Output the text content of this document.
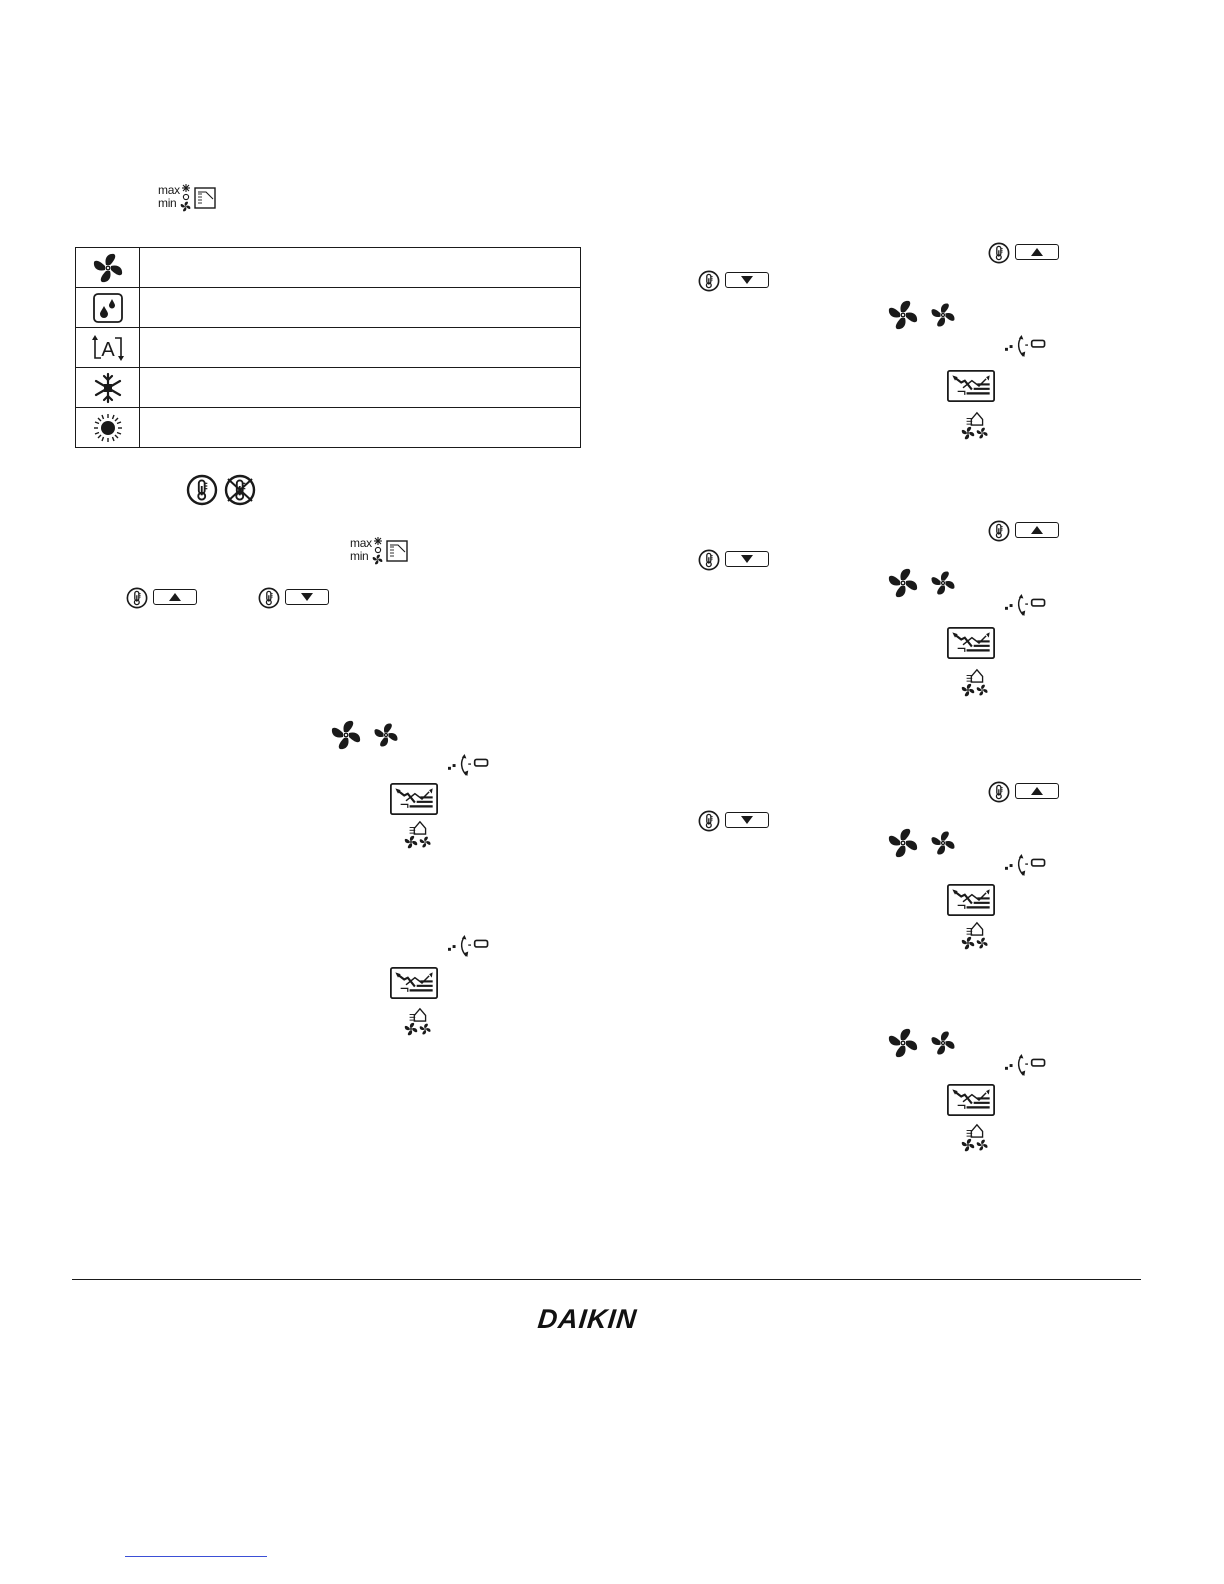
max
min

A	

max
min
DAIKIN
